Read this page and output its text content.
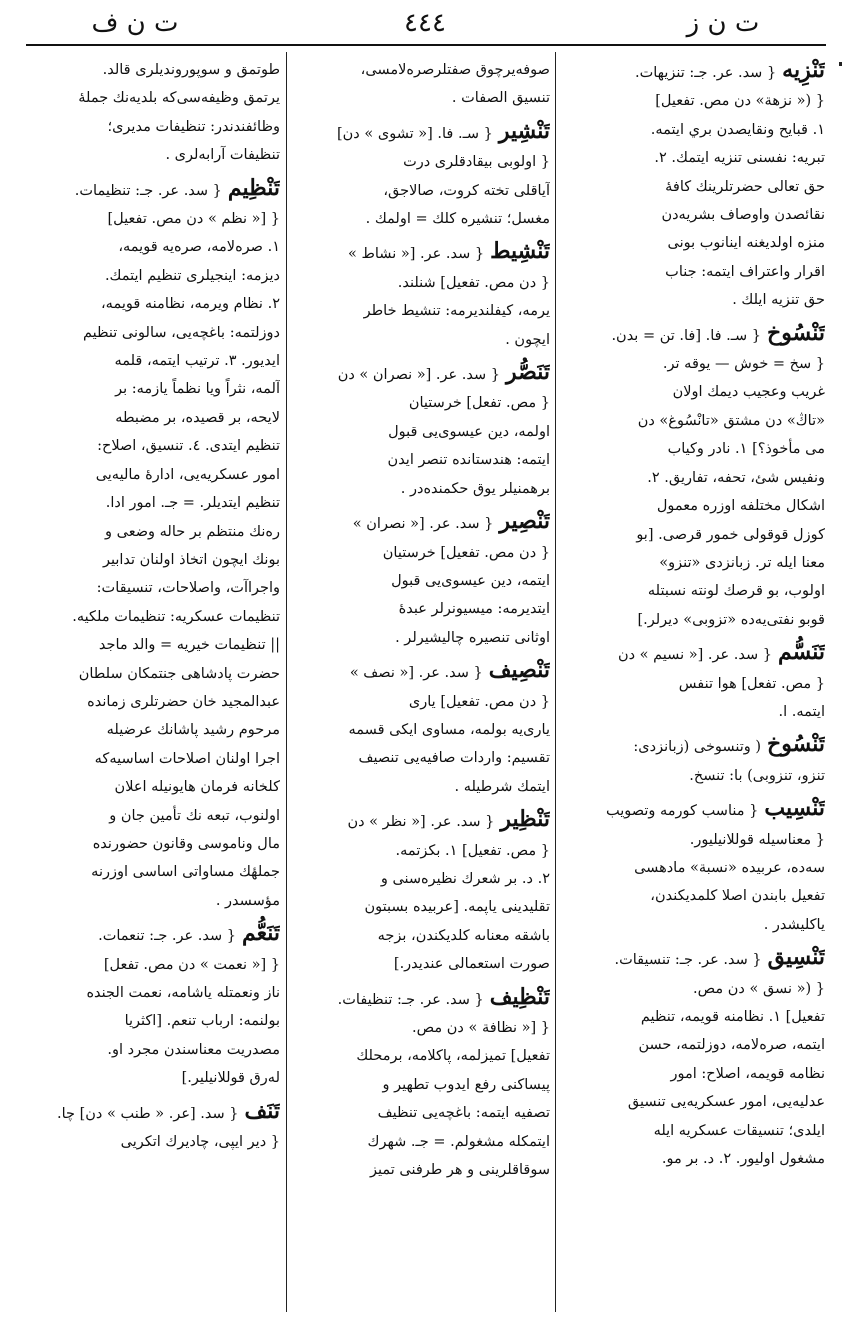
ت ن ز
٤٤٤
ت ن ف
تَنْزِيه{ سد. عر. جـ: تنزيهات.
{ (« نزهة» دن مص. تفعيل]
١. قبايح ونقايصدن بري ايتمه.
تبريه: نفسنى تنزيه ايتمك. ٢.
حق تعالى حضرتلرينك كافهٔ
نقائصدن واوصاف بشريه‌دن
منزه اولديغنه اينانوب بونى
اقرار واعتراف ايتمه: جناب
حق تنزيه ايلك .
تَنْسُوخ{ سـ. فا. [فا. تن = بدن.
{ سخ = خوش — يوقه تر.
غريب وعجيب ديمك اولان
«تاڭ» دن مشتق «تانْسُوغ» دن
مى مأخوذ؟] ١. نادر وكياب
ونفيس شئ، تحفه، تفاريق. ٢.
اشكال مختلفه اوزره معمول
كوزل قوقولى خمور قرصى. [بو
معنا ايله تر. زبانزدى «تنزو»
اولوب، بو قرصك لونته نسبتله
قوبو نفتى‌يه‌ده «تزوبى» ديرلر.]
تَنَسُّم{ سد. عر. [« نسيم » دن
{ مص. تفعل] هوا تنفس
ايتمه. ا.
تَنْسُوخ( وتنسوخى (زبانزدى:
تنزو، تنزوبى) با: تنسخ.
تَنْسِيب{ مناسب كورمه وتصويب
{ معناسيله قوللانيليور.
سه‌ده، عربيده «نسبة» مادهسى
تفعيل بابندن اصلا كلمديكندن،
ياكليشدر .
تَنْسِيق{ سد. عر. جـ: تنسيقات.
{ (« نسق » دن مص.
تفعيل] ١. نظامنه قويمه، تنظيم
ايتمه، صره‌لامه، دوزلتمه، حسن
نظامه قويمه، اصلاح: امور
عدليه‌يى، امور عسكريه‌يى تنسيق
ايلدى؛ تنسيقات عسكريه ايله
مشغول اوليور. ٢. د. بر مو.
صوفه‌يرچوق صفتلرصره‌لامسى،
تنسيق الصفات .
تَنْشِير{ سـ. فا. [« تشوى » دن]
{ اولوبى بيقادقلرى درت
آياقلى تخته كروت، صالاجق،
مغسل؛ تنشيره كلك = اولمك .
تَنْشِيط{ سد. عر. [« نشاط »
{ دن مص. تفعيل] شنلند.
يرمه، كيفلنديرمه: تنشيط خاطر
ايچون .
تَنَصُّر{ سد. عر. [« نصران » دن
{ مص. تفعل] خرستيان
اولمه، دين عيسوى‌يى قبول
ايتمه: هندستانده تنصر ايدن
برهمنيلر يوق حكمنده‌در .
تَنْصِير{ سد. عر. [« نصران »
{ دن مص. تفعيل] خرستيان
ايتمه، دين عيسوى‌يى قبول
ايتديرمه: ميسيونرلر عبدهٔ
اوثانى تنصيره چاليشيرلر .
تَنْصِيف{ سد. عر. [« نصف »
{ دن مص. تفعيل] يارى
يارى‌يه بولمه، مساوى ايكى قسمه
تقسيم: واردات صافيه‌يى تنصيف
ايتمك شرطيله .
تَنْظِير{ سد. عر. [« نظر » دن
{ مص. تفعيل] ١. بكزتمه.
٢. د. بر شعرك نظيره‌سنى و
تقليدينى ياپمه. [عربيده بسبتون
باشقه معناىه كلديكندن، بزجه
صورت استعمالى عنديدر.]
تَنْظِيف{ سد. عر. جـ: تنظيفات.
{ [« نظافة » دن مص.
تفعيل] تميزلمه، پاكلامه، برمحلك
پيساكنى رفع ايدوب تطهير و
تصفيه ايتمه: باغچه‌يى تنظيف
ايتمكله مشغولم. = جـ. شهرك
سوقاقلرينى و هر طرفنى تميز
طوتمق و سوپورونديلرى قالد.
يرتمق وظيفه‌سى‌كه بلديه‌نك جملهٔ
وظائفندندر: تنظيفات مديرى؛
تنظيفات آرابه‌لرى .
تَنْظِيم{ سد. عر. جـ: تنظيمات.
{ [« نظم » دن مص. تفعيل]
١. صره‌لامه، صره‌يه قويمه،
ديزمه: اينجيلرى تنظيم ايتمك.
٢. نظام ويرمه، نظامنه قويمه،
دوزلتمه: باغچه‌يى، سالونى تنظيم
ايديور. ٣. ترتيب ايتمه، قلمه
آلمه، نثراً ويا نظماً يازمه: بر
لايحه، بر قصيده، بر مضبطه
تنظيم ايتدى. ٤. تنسيق، اصلاح:
امور عسكريه‌يى، ادارهٔ ماليه‌يى
تنظيم ايتديلر. = جـ. امور ادا.
ره‌نك منتظم بر حاله وضعى و
بونك ايچون اتخاذ اولنان تدابير
واجراآت، واصلاحات، تنسيقات:
تنظيمات عسكريه: تنظيمات ملكيه.
|| تنظيمات خيريه = والد ماجد
حضرت پادشاهى جنتمكان سلطان
عبدالمجيد خان حضرتلرى زمانده
مرحوم رشيد پاشانك عرضيله
اجرا اولنان اصلاحات اساسيه‌كه
كلخانه فرمان هايونيله اعلان
اولنوب، تبعه نك تأمين جان و
مال وناموسى وقانون حضورنده
جملهٔك مساواتى اساسى اوزرنه
مؤسسدر .
تَنَعُّم{ سد. عر. جـ: تنعمات.
{ [« نعمت » دن مص. تفعل]
ناز ونعمتله ياشامه، نعمت الجنده
بولنمه: ارباب تنعم. [اكثريا
مصدريت معناسندن مجرد او.
له‌رق قوللانيلير.]
تَنَف{ سد. [عر. « طنب » دن] چا.
{ دير ايپى، چاديرك اتكريى
